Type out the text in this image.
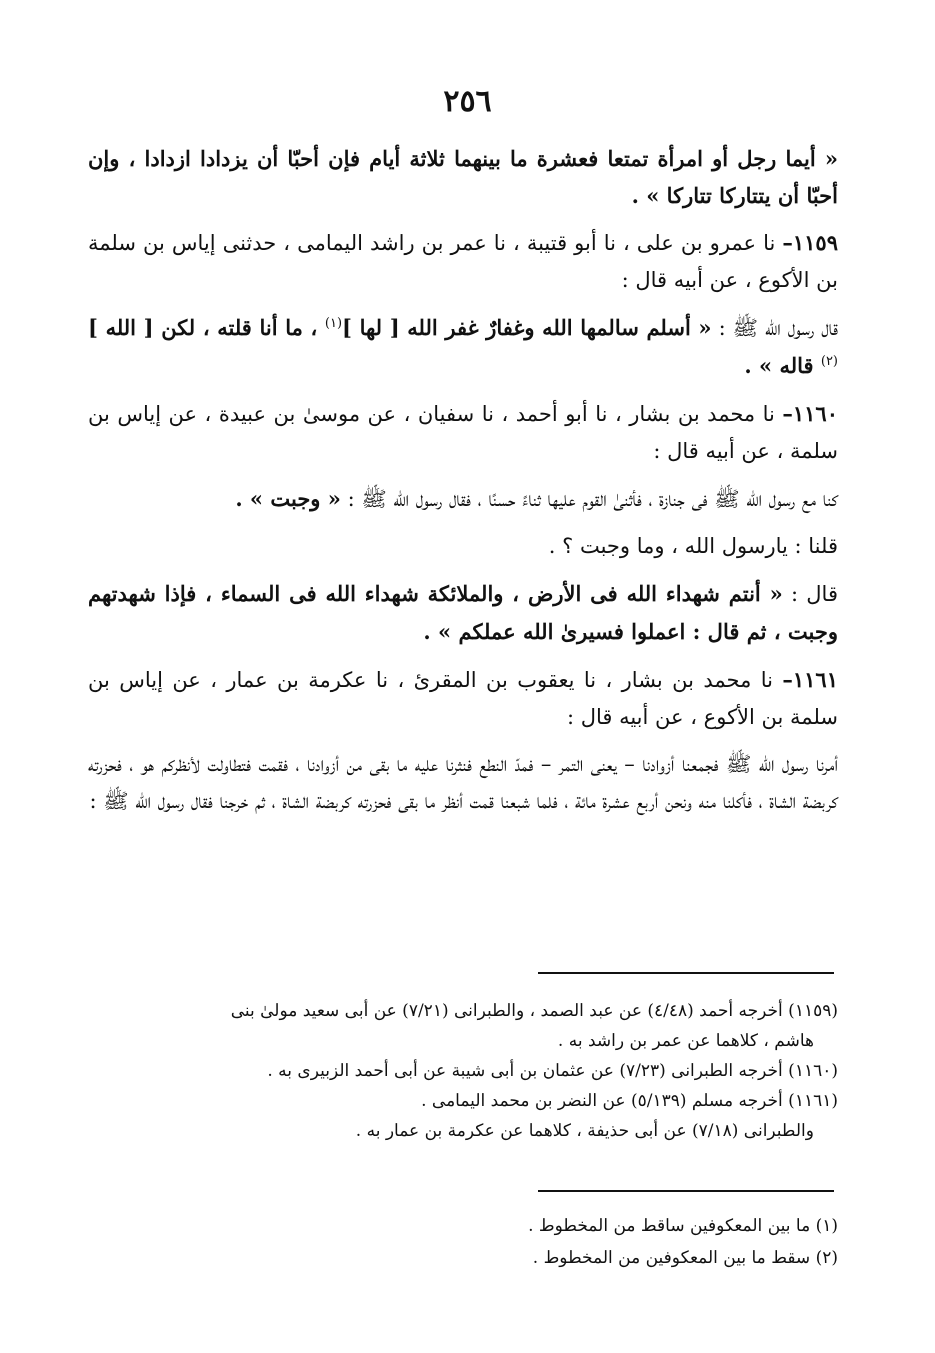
٢٥٦

« أيما رجل أو امرأة تمتعا فعشرة ما بينهما ثلاثة أيام فإن أحبّا أن يزدادا ازدادا ، وإن أحبّا أن يتتاركا تتاركا » .

١١٥٩– نا عمرو بن على ، نا أبو قتيبة ، نا عمر بن راشد اليمامى ، حدثنى إياس بن سلمة بن الأكوع ، عن أبيه قال :

قال رسول الله ﷺ : « أسلم سالمها الله وغفارٌ غفر الله [ لها ]$^{(١)}$ ، ما أنا قلته ، لكن [ الله ]$^{(٢)}$ قاله » .

١١٦٠– نا محمد بن بشار ، نا أبو أحمد ، نا سفيان ، عن موسىٰ بن عبيدة ، عن إياس بن سلمة ، عن أبيه قال :

كنا مع رسول الله ﷺ فى جنازة ، فأثنىٰ القوم عليها ثناءً حسنًا ، فقال رسول الله ﷺ : « وجبت » .

قلنا : يارسول الله ، وما وجبت ؟ .

قال : « أنتم شهداء الله فى الأرض ، والملائكة شهداء الله فى السماء ، فإذا شهدتهم وجبت ، ثم قال : اعملوا فسيرىٰ الله عملكم » .

١١٦١– نا محمد بن بشار ، نا يعقوب بن المقرئ ، نا عكرمة بن عمار ، عن إياس بن سلمة بن الأكوع ، عن أبيه قال :

أمرنا رسول الله ﷺ فجمعنا أزوادنا – يعنى التمر – فمدّ النطع فنثرنا عليه ما بقى من أزوادنا ، فقمت فتطاولت لأنظركم هو ، فحزرته كربضة الشاة ، فأكلنا منه ونحن أربع عشرة مائة ، فلما شبعنا قمت أنظر ما بقى فحزرته كربضة الشاة ، ثم خرجنا فقال رسول الله ﷺ :

(١١٥٩) أخرجه أحمد (٤/٤٨) عن عبد الصمد ، والطبرانى (٧/٢١) عن أبى سعيد مولىٰ بنى
هاشم ، كلاهما عن عمر بن راشد به .
(١١٦٠) أخرجه الطبرانى (٧/٢٣) عن عثمان بن أبى شيبة عن أبى أحمد الزبيرى به .
(١١٦١) أخرجه مسلم (٥/١٣٩) عن النضر بن محمد اليمامى .
والطبرانى (٧/١٨) عن أبى حذيفة ، كلاهما عن عكرمة بن عمار به .
(١) ما بين المعكوفين ساقط من المخطوط .
(٢) سقط ما بين المعكوفين من المخطوط .
